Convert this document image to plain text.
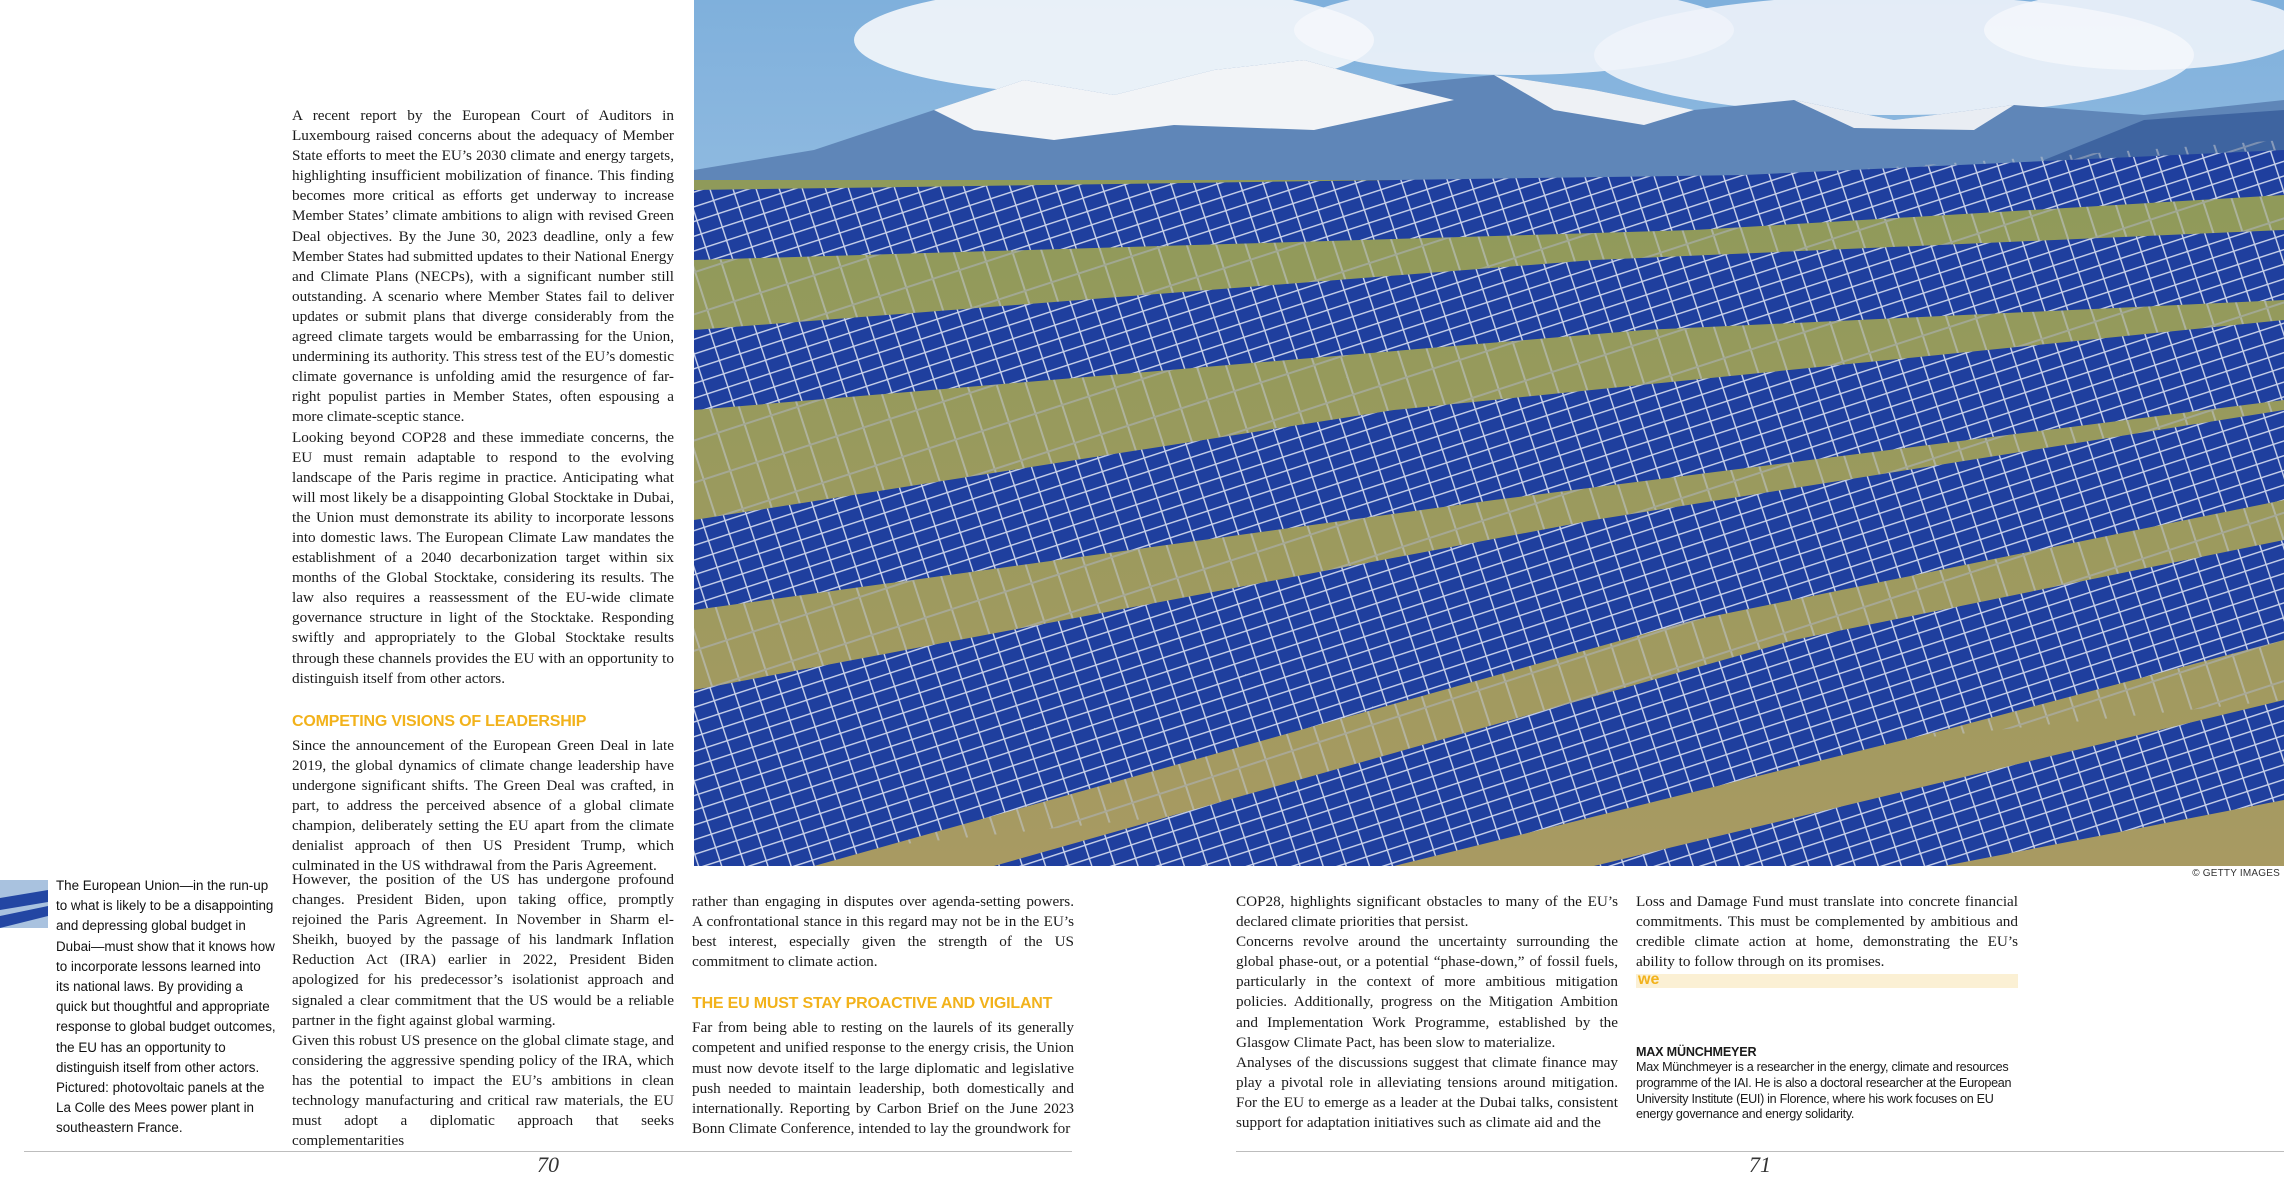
© GETTY IMAGES
The European Union—in the run-up to what is likely to be a disappointing and depressing global budget in Dubai—must show that it knows how to incorporate lessons learned into its national laws. By providing a quick but thoughtful and appropriate response to global budget outcomes, the EU has an opportunity to distinguish itself from other actors. Pictured: photovoltaic panels at the La Colle des Mees power plant in southeastern France.

A recent report by the European Court of Auditors in Luxembourg raised concerns about the adequacy of Member State efforts to meet the EU’s 2030 climate and energy targets, highlighting insufficient mobilization of finance. This finding becomes more critical as efforts get underway to increase Member States’ climate ambitions to align with revised Green Deal objectives. By the June 30, 2023 deadline, only a few Member States had submitted updates to their National Energy and Climate Plans (NECPs), with a significant number still outstanding. A scenario where Member States fail to deliver updates or submit plans that diverge considerably from the agreed climate targets would be embarrassing for the Union, undermining its authority. This stress test of the EU’s domestic climate governance is unfolding amid the resurgence of far-right populist parties in Member States, often espousing a more climate-sceptic stance.

Looking beyond COP28 and these immediate concerns, the EU must remain adaptable to respond to the evolving landscape of the Paris regime in practice. Anticipating what will most likely be a disappointing Global Stocktake in Dubai, the Union must demonstrate its ability to incorporate lessons into domestic laws. The European Climate Law mandates the establishment of a 2040 decarbonization target within six months of the Global Stocktake, considering its results. The law also requires a reassessment of the EU-wide climate governance structure in light of the Stocktake. Responding swiftly and appropriately to the Global Stocktake results through these channels provides the EU with an opportunity to distinguish itself from other actors.

COMPETING VISIONS OF LEADERSHIP

Since the announcement of the European Green Deal in late 2019, the global dynamics of climate change leadership have undergone significant shifts. The Green Deal was crafted, in part, to address the perceived absence of a global climate champion, deliberately setting the EU apart from the climate denialist approach of then US President Trump, which culminated in the US withdrawal from the Paris Agreement.

However, the position of the US has undergone profound changes. President Biden, upon taking office, promptly rejoined the Paris Agreement. In November in Sharm el-Sheikh, buoyed by the passage of his landmark Inflation Reduction Act (IRA) earlier in 2022, President Biden apologized for his predecessor’s isolationist approach and signaled a clear commitment that the US would be a reliable partner in the fight against global warming.

Given this robust US presence on the global climate stage, and considering the aggressive spending policy of the IRA, which has the potential to impact the EU’s ambitions in clean technology manufacturing and critical raw materials, the EU must adopt a diplomatic approach that seeks complementarities

rather than engaging in disputes over agenda-setting powers. A confrontational stance in this regard may not be in the EU’s best interest, especially given the strength of the US commitment to climate action.

THE EU MUST STAY PROACTIVE AND VIGILANT

Far from being able to resting on the laurels of its generally competent and unified response to the energy crisis, the Union must now devote itself to the large diplomatic and legislative push needed to maintain leadership, both domestically and internationally. Reporting by Carbon Brief on the June 2023 Bonn Climate Conference, intended to lay the groundwork for

COP28, highlights significant obstacles to many of the EU’s declared climate priorities that persist.

Concerns revolve around the uncertainty surrounding the global phase-out, or a potential “phase-down,” of fossil fuels, particularly in the context of more ambitious mitigation policies. Additionally, progress on the Mitigation Ambition and Implementation Work Programme, established by the Glasgow Climate Pact, has been slow to materialize.

Analyses of the discussions suggest that climate finance may play a pivotal role in alleviating tensions around mitigation. For the EU to emerge as a leader at the Dubai talks, consistent support for adaptation initiatives such as climate aid and the

Loss and Damage Fund must translate into concrete financial commitments. This must be complemented by ambitious and credible climate action at home, demonstrating the EU’s ability to follow through on its promises.

we
MAX MÜNCHMEYER
Max Münchmeyer is a researcher in the energy, climate and resources programme of the IAI. He is also a doctoral researcher at the European University Institute (EUI) in Florence, where his work focuses on EU energy governance and energy solidarity.
70	71
